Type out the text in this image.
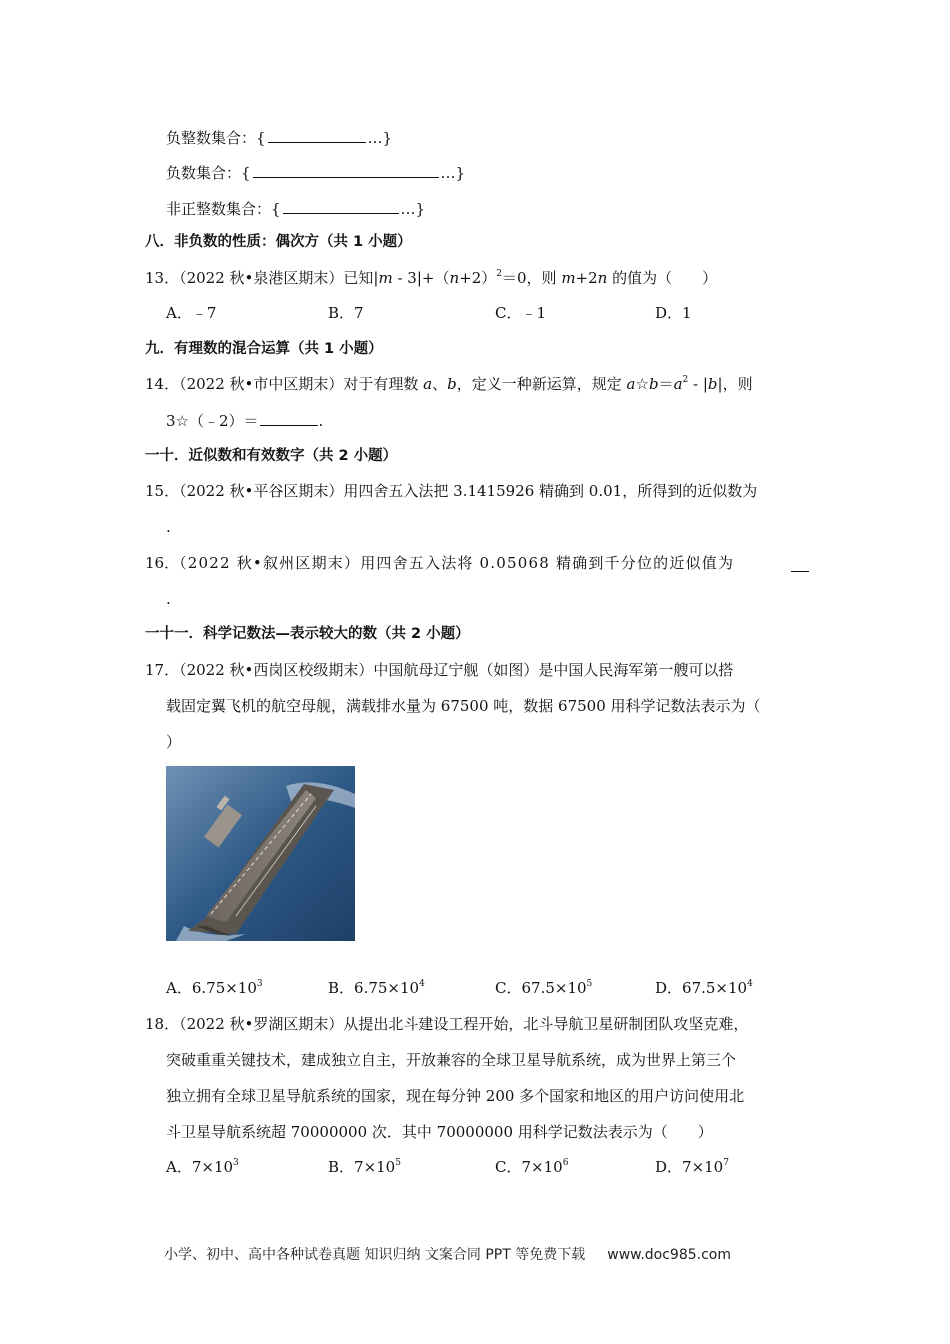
负整数集合：{	…}
负数集合：{	…}
非正整数集合：{	…}
八．非负数的性质：偶次方（共 1 小题）
13．（2022 秋•泉港区期末）已知$|m - 3|+(n+2)^2=0$，则 m+2n 的值为（　　）
A．﹣7	B．7	C．﹣1	D．1
九．有理数的混合运算（共 1 小题）
14．（2022 秋•市中区期末）对于有理数 a、b，定义一种新运算，规定 $a☆b=a^2 - |b|$，则
3☆（﹣2）＝	.
一十．近似数和有效数字（共 2 小题）
15．（2022 秋•平谷区期末）用四舍五入法把 3.1415926 精确到 0.01，所得到的近似数为
.
16．（2022 秋•叙州区期末）用四舍五入法将 0.05068 精确到千分位的近似值为
.
一十一．科学记数法—表示较大的数（共 2 小题）
17．（2022 秋•西岗区校级期末）中国航母辽宁舰（如图）是中国人民海军第一艘可以搭
载固定翼飞机的航空母舰，满载排水量为 67500 吨，数据 67500 用科学记数法表示为（
）
A．$6.75\times 10^3$	B．$6.75\times 10^4$	C．$67.5\times 10^5$	D．$67.5\times 10^4$
18．（2022 秋•罗湖区期末）从提出北斗建设工程开始，北斗导航卫星研制团队攻坚克难，
突破重重关键技术，建成独立自主，开放兼容的全球卫星导航系统，成为世界上第三个
独立拥有全球卫星导航系统的国家，现在每分钟 200 多个国家和地区的用户访问使用北
斗卫星导航系统超 70000000 次．其中 70000000 用科学记数法表示为（　　）
A．$7\times 10^3$	B．$7\times 10^5$	C．$7\times 10^6$	D．$7\times 10^7$
小学、初中、高中各种试卷真题 知识归纳 文案合同 PPT 等免费下载 www.doc985.com
